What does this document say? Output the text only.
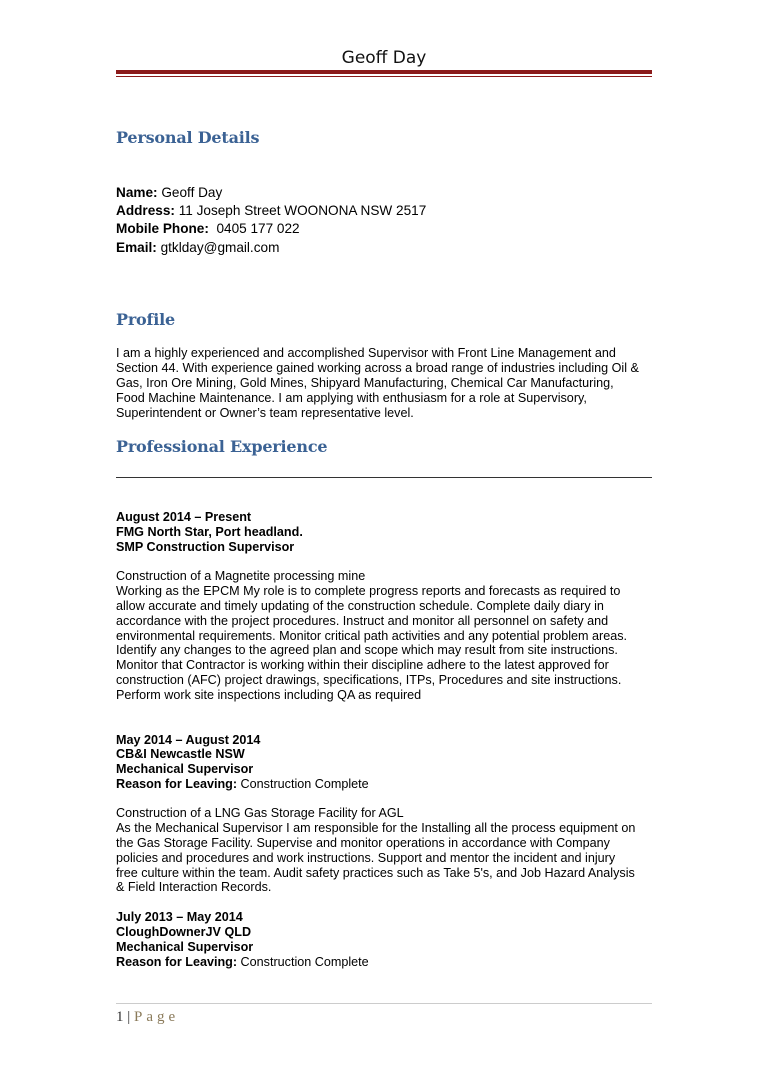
Geoff Day
Personal Details
Name: Geoff Day
Address: 11 Joseph Street WOONONA NSW 2517
Mobile Phone:  0405 177 022
Email: gtklday@gmail.com
Profile
I am a highly experienced and accomplished Supervisor with Front Line Management and
Section 44. With experience gained working across a broad range of industries including Oil &
Gas, Iron Ore Mining, Gold Mines, Shipyard Manufacturing, Chemical Car Manufacturing,
Food Machine Maintenance. I am applying with enthusiasm for a role at Supervisory,
Superintendent or Owner’s team representative level.
Professional Experience
August 2014 – Present
FMG North Star, Port headland.
SMP Construction Supervisor
Construction of a Magnetite processing mine
Working as the EPCM My role is to complete progress reports and forecasts as required to
allow accurate and timely updating of the construction schedule. Complete daily diary in
accordance with the project procedures. Instruct and monitor all personnel on safety and
environmental requirements. Monitor critical path activities and any potential problem areas.
Identify any changes to the agreed plan and scope which may result from site instructions.
Monitor that Contractor is working within their discipline adhere to the latest approved for
construction (AFC) project drawings, specifications, ITPs, Procedures and site instructions.
Perform work site inspections including QA as required
May 2014 – August 2014
CB&I Newcastle NSW
Mechanical Supervisor
Reason for Leaving: Construction Complete
Construction of a LNG Gas Storage Facility for AGL
As the Mechanical Supervisor I am responsible for the Installing all the process equipment on
the Gas Storage Facility. Supervise and monitor operations in accordance with Company
policies and procedures and work instructions. Support and mentor the incident and injury
free culture within the team. Audit safety practices such as Take 5's, and Job Hazard Analysis
& Field Interaction Records.
July 2013 – May 2014
CloughDownerJV QLD
Mechanical Supervisor
Reason for Leaving: Construction Complete
1 | Page
